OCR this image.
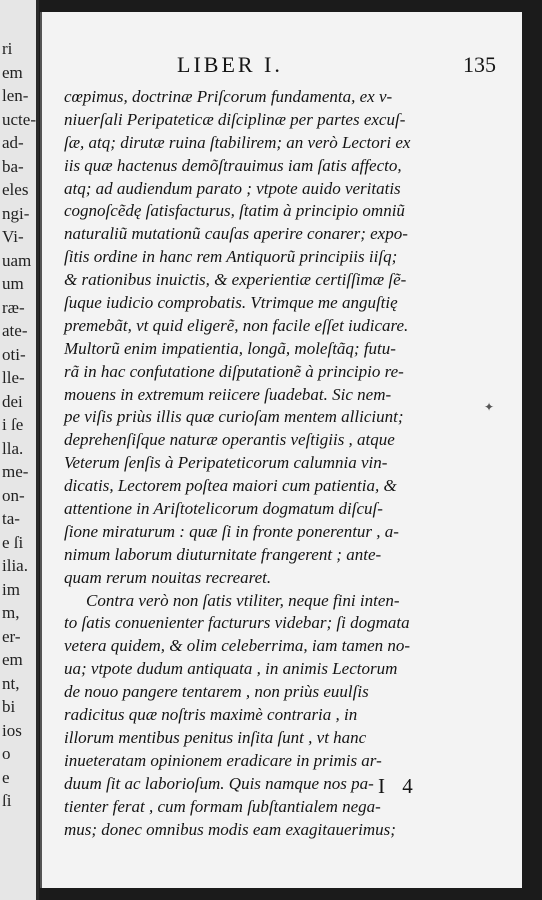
ri
em
len-
ucte-
ad-
ba-
eles
ngi-
Vi-
uam
um
ræ-
ate-
oti-
lle-
dei
i ſe
lla.
me-
on-
ta-
e ſi
ilia.
im
m,
er-
em
nt,
bi
ios
o
e
ſi
LIBER I.	135
cœpimus, doctrinæ Priſcorum fundamenta, ex v-
niuerſali Peripateticæ diſciplinæ per partes excuſ-
ſæ, atq; dirutæ ruina ſtabilirem; an verò Lectori ex
iis quæ hactenus demõſtrauimus iam ſatis affecto,
atq; ad audiendum parato ; vtpote auido veritatis
cognoſcẽdę ſatisfacturus, ſtatim à principio omniũ
naturaliũ mutationũ cauſas aperire conarer; expo-
ſitis ordine in hanc rem Antiquorũ principiis iiſq;
& rationibus inuictis, & experientiæ certiſſimæ ſẽ-
ſuque iudicio comprobatis. Vtrimque me anguſtię
premebãt, vt quid eligerẽ, non facile eſſet iudicare.
Multorũ enim impatientia, longã, moleſtãq; futu-
rã in hac confutatione diſputationẽ à principio re-
mouens in extremum reiicere ſuadebat. Sic nem-
pe viſis priùs illis quæ curioſam mentem alliciunt;
deprehenſiſque naturæ operantis veſtigiis , atque
Veterum ſenſis à Peripateticorum calumnia vin-
dicatis, Lectorem poſtea maiori cum patientia, &
attentione in Ariſtotelicorum dogmatum diſcuſ-
ſione miraturum : quæ ſi in fronte ponerentur , a-
nimum laborum diuturnitate frangerent ; ante-
quam rerum nouitas recrearet.
Contra verò non ſatis vtiliter, neque fini inten-
to ſatis conuenienter factururs videbar; ſi dogmata
vetera quidem, & olim celeberrima, iam tamen no-
ua; vtpote dudum antiquata , in animis Lectorum
de nouo pangere tentarem , non priùs euulſis
radicitus quæ noſtris maximè contraria , in
illorum mentibus penitus inſita ſunt , vt hanc
inueteratam opinionem eradicare in primis ar-
duum ſit ac laborioſum. Quis namque nos pa-
tienter ferat , cum formam ſubſtantialem nega-
mus; donec omnibus modis eam exagitauerimus;
✦
I 4
